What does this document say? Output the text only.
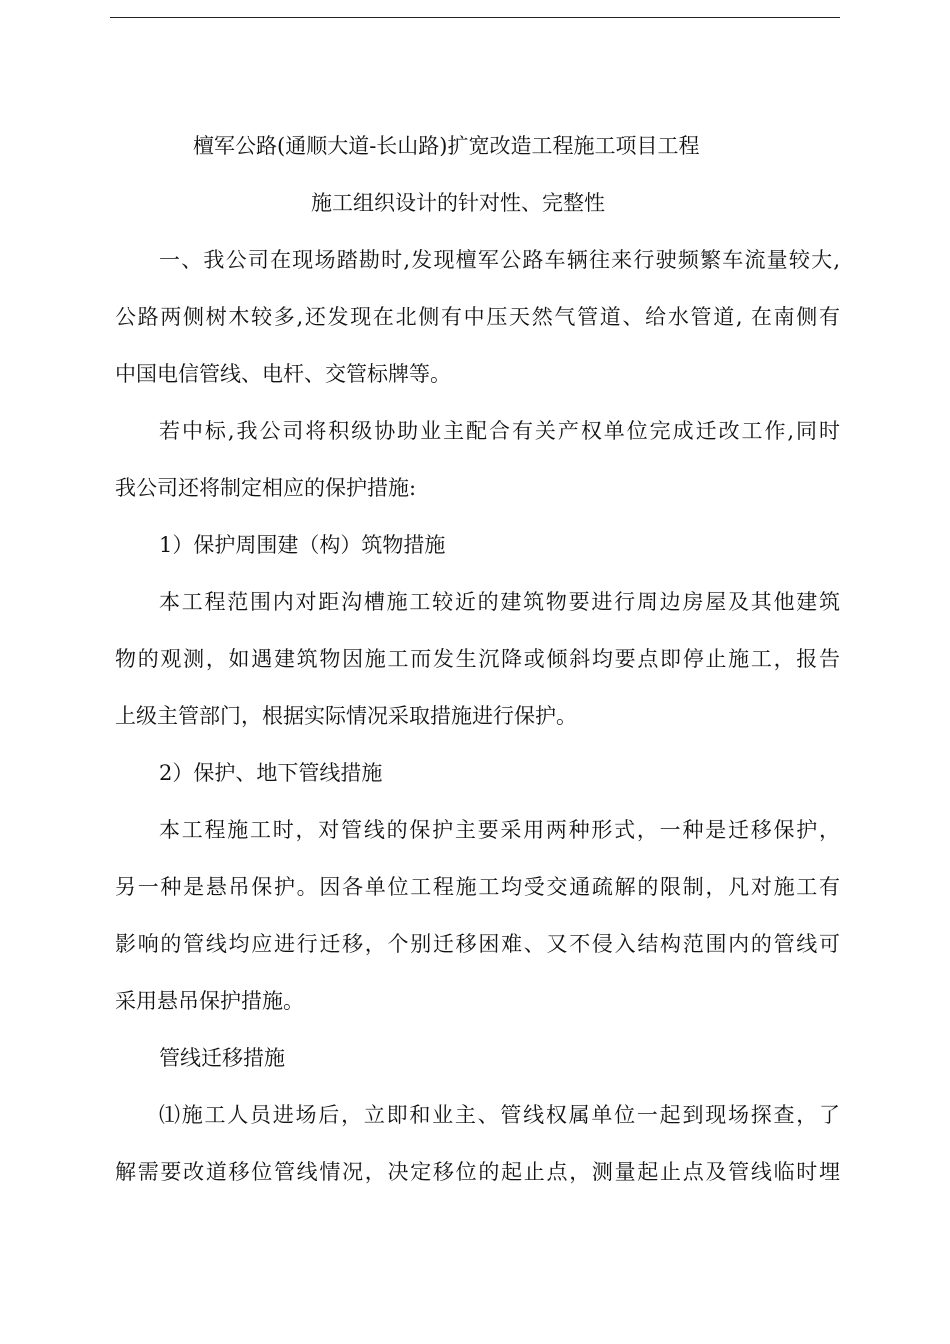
檀军公路(通顺大道-长山路)扩宽改造工程施工项目工程
施工组织设计的针对性、完整性
一、我公司在现场踏勘时,发现檀军公路车辆往来行驶频繁车流量较大,
公路两侧树木较多,还发现在北侧有中压天然气管道、给水管道, 在南侧有
中国电信管线、电杆、交管标牌等。
若中标,我公司将积级协助业主配合有关产权单位完成迁改工作,同时
我公司还将制定相应的保护措施:
1）保护周围建（构）筑物措施
本工程范围内对距沟槽施工较近的建筑物要进行周边房屋及其他建筑
物的观测，如遇建筑物因施工而发生沉降或倾斜均要点即停止施工，报告
上级主管部门，根据实际情况采取措施进行保护。
2）保护、地下管线措施
本工程施工时，对管线的保护主要采用两种形式，一种是迁移保护，
另一种是悬吊保护。因各单位工程施工均受交通疏解的限制，凡对施工有
影响的管线均应进行迁移，个别迁移困难、又不侵入结构范围内的管线可
采用悬吊保护措施。
管线迁移措施
⑴施工人员进场后，立即和业主、管线权属单位一起到现场探查，了
解需要改道移位管线情况，决定移位的起止点，测量起止点及管线临时埋
